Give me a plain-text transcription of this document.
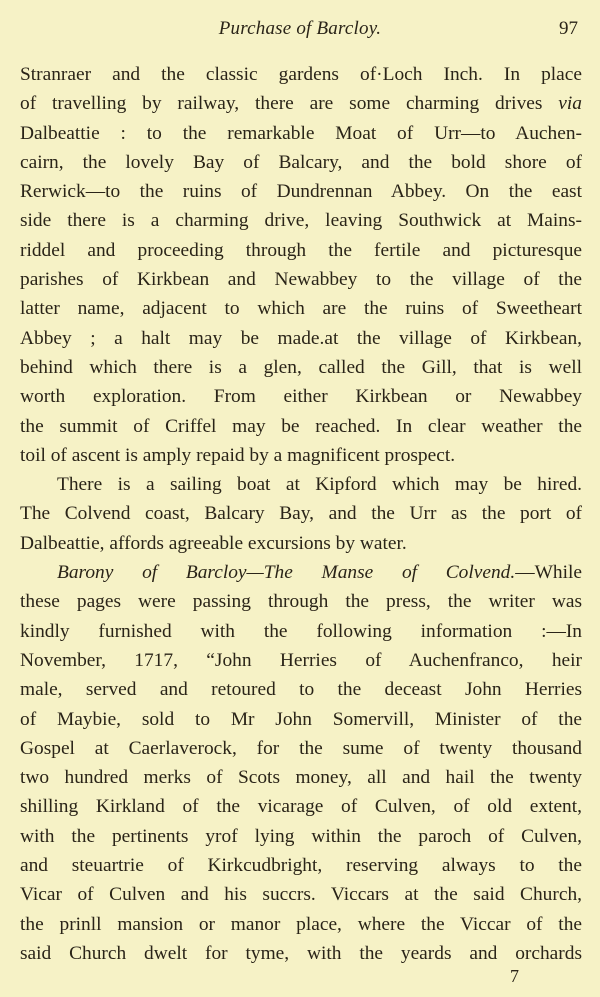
Purchase of Barcloy.	97
Stranraer and the classic gardens of·Loch Inch. In place
of travelling by railway, there are some charming drives via
Dalbeattie : to the remarkable Moat of Urr—to Auchen-
cairn, the lovely Bay of Balcary, and the bold shore of
Rerwick—to the ruins of Dundrennan Abbey. On the east
side there is a charming drive, leaving Southwick at Mains-
riddel and proceeding through the fertile and picturesque
parishes of Kirkbean and Newabbey to the village of the
latter name, adjacent to which are the ruins of Sweetheart
Abbey ; a halt may be made.at the village of Kirkbean,
behind which there is a glen, called the Gill, that is well
worth exploration. From either Kirkbean or Newabbey
the summit of Criffel may be reached. In clear weather the
toil of ascent is amply repaid by a magnificent prospect.
There is a sailing boat at Kipford which may be hired.
The Colvend coast, Balcary Bay, and the Urr as the port of
Dalbeattie, affords agreeable excursions by water.
Barony of Barcloy—The Manse of Colvend.—While
these pages were passing through the press, the writer was
kindly furnished with the following information :—In
November, 1717, “John Herries of Auchenfranco, heir
male, served and retoured to the deceast John Herries
of Maybie, sold to Mr John Somervill, Minister of the
Gospel at Caerlaverock, for the sume of twenty thousand
two hundred merks of Scots money, all and hail the twenty
shilling Kirkland of the vicarage of Culven, of old extent,
with the pertinents yrof lying within the paroch of Culven,
and steuartrie of Kirkcudbright, reserving always to the
Vicar of Culven and his succrs. Viccars at the said Church,
the prinll mansion or manor place, where the Viccar of the
said Church dwelt for tyme, with the yeards and orchards
7
